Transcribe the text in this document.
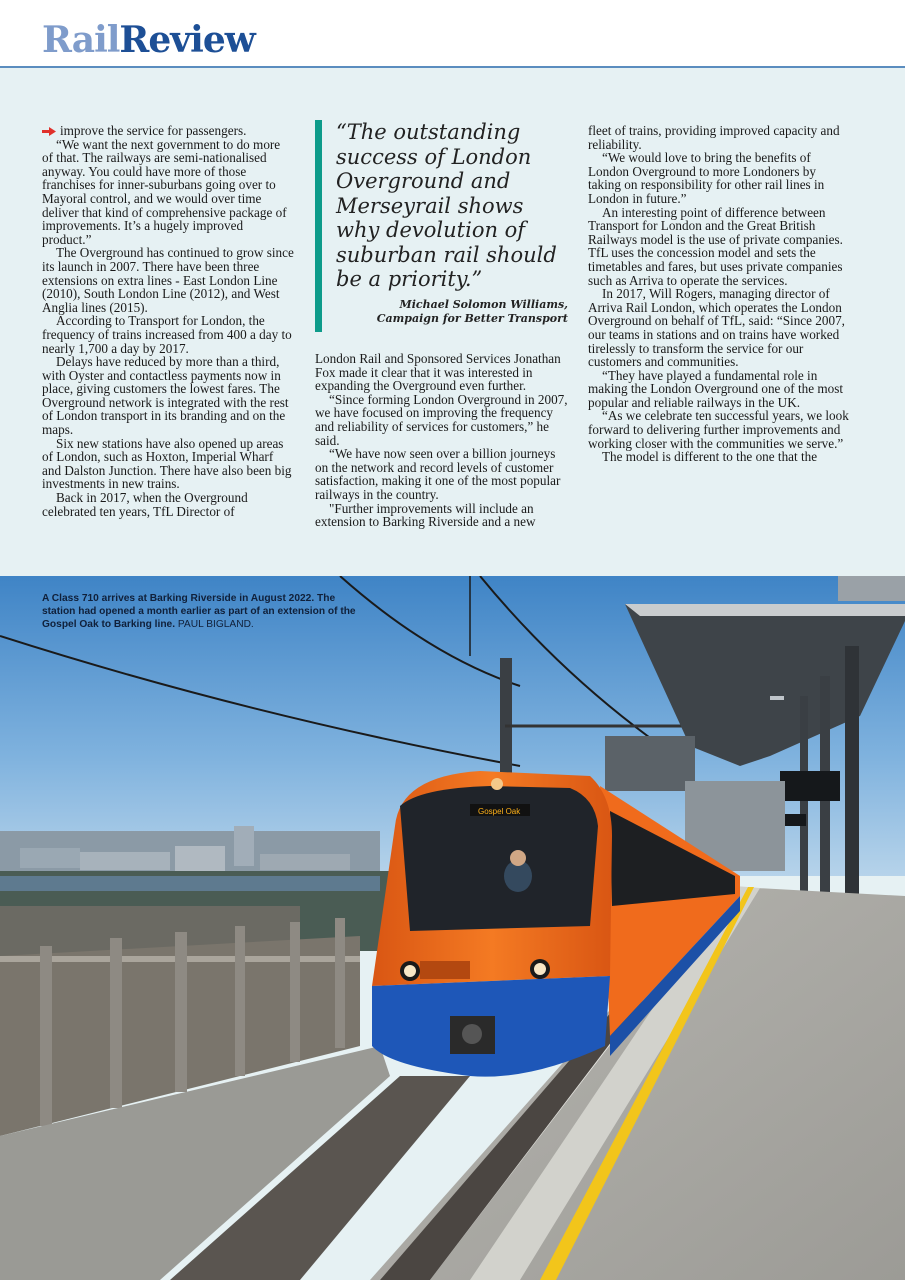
RailReview

improve the service for passengers.

“We want the next government to do more of that. The railways are semi-nationalised anyway. You could have more of those franchises for inner-suburbans going over to Mayoral control, and we would over time deliver that kind of comprehensive package of improvements. It’s a hugely improved product.”

The Overground has continued to grow since its launch in 2007. There have been three extensions on extra lines - East London Line (2010), South London Line (2012), and West Anglia lines (2015).

According to Transport for London, the frequency of trains increased from 400 a day to nearly 1,700 a day by 2017.

Delays have reduced by more than a third, with Oyster and contactless payments now in place, giving customers the lowest fares. The Overground network is integrated with the rest of London transport in its branding and on the maps.

Six new stations have also opened up areas of London, such as Hoxton, Imperial Wharf and Dalston Junction. There have also been big investments in new trains.

Back in 2017, when the Overground celebrated ten years, TfL Director of

“The outstanding success of London Overground and Merseyrail shows why devolution of suburban rail should be a priority.”
Michael Solomon Williams,
Campaign for Better Transport

London Rail and Sponsored Services Jonathan Fox made it clear that it was interested in expanding the Overground even further.

“Since forming London Overground in 2007, we have focused on improving the frequency and reliability of services for customers,” he said.

“We have now seen over a billion journeys on the network and record levels of customer satisfaction, making it one of the most popular railways in the country.

"Further improvements will include an extension to Barking Riverside and a new

fleet of trains, providing improved capacity and reliability.

“We would love to bring the benefits of London Overground to more Londoners by taking on responsibility for other rail lines in London in future.”

An interesting point of difference between Transport for London and the Great British Railways model is the use of private companies. TfL uses the concession model and sets the timetables and fares, but uses private companies such as Arriva to operate the services.

In 2017, Will Rogers, managing director of Arriva Rail London, which operates the London Overground on behalf of TfL, said: “Since 2007, our teams in stations and on trains have worked tirelessly to transform the service for our customers and communities.

“They have played a fundamental role in making the London Overground one of the most popular and reliable railways in the UK.

“As we celebrate ten successful years, we look forward to delivering further improvements and working closer with the communities we serve.”

The model is different to the one that the

Gospel Oak
A Class 710 arrives at Barking Riverside in August 2022. The station had opened a month earlier as part of an extension of the Gospel Oak to Barking line. PAUL BIGLAND.
